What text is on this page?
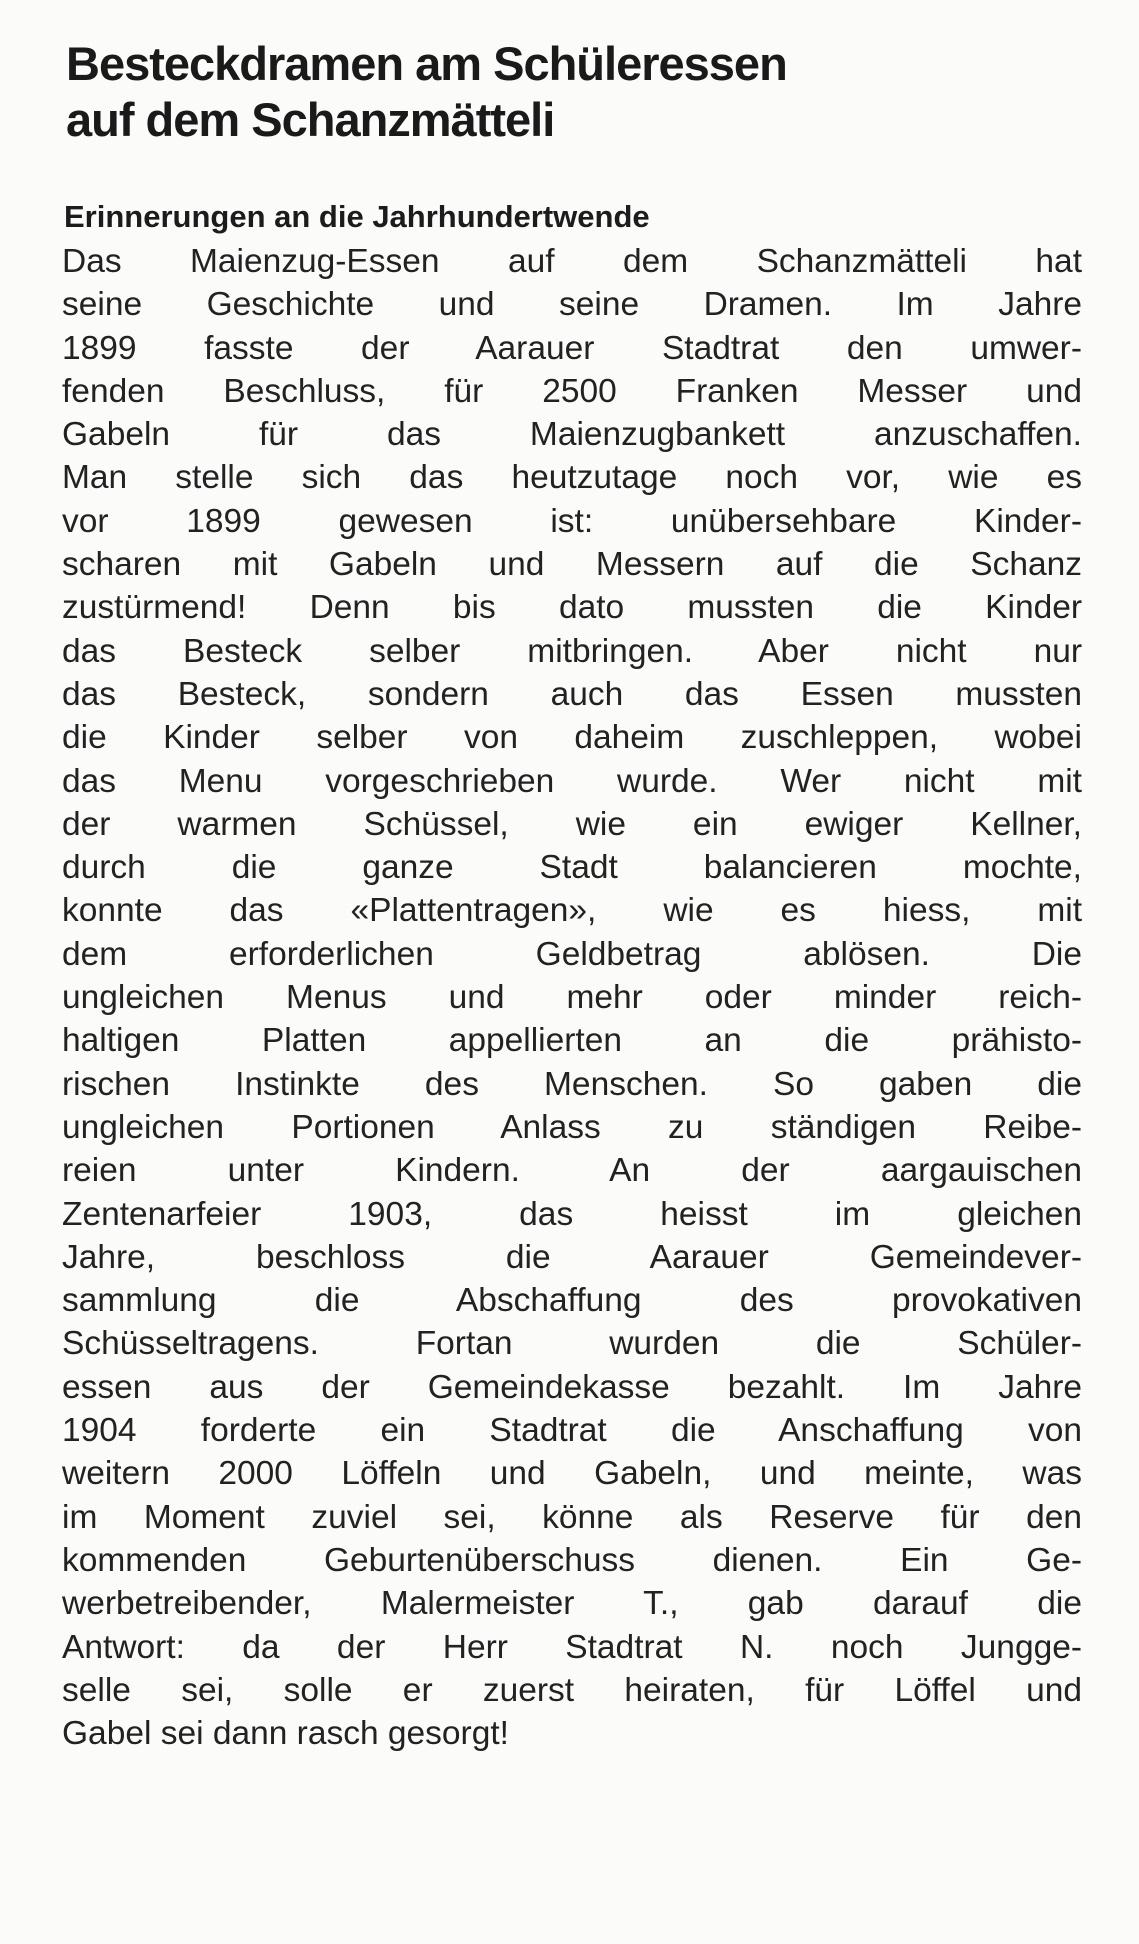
Besteckdramen am Schüleressen
auf dem Schanzmätteli
Erinnerungen an die Jahrhundertwende
Das Maienzug-Essen auf dem Schanzmätteli hat
seine Geschichte und seine Dramen. Im Jahre
1899 fasste der Aarauer Stadtrat den umwer-
fenden Beschluss, für 2500 Franken Messer und
Gabeln für das Maienzugbankett anzuschaffen.
Man stelle sich das heutzutage noch vor, wie es
vor 1899 gewesen ist: unübersehbare Kinder-
scharen mit Gabeln und Messern auf die Schanz
zustürmend! Denn bis dato mussten die Kinder
das Besteck selber mitbringen. Aber nicht nur
das Besteck, sondern auch das Essen mussten
die Kinder selber von daheim zuschleppen, wobei
das Menu vorgeschrieben wurde. Wer nicht mit
der warmen Schüssel, wie ein ewiger Kellner,
durch die ganze Stadt balancieren mochte,
konnte das «Plattentragen», wie es hiess, mit
dem erforderlichen Geldbetrag ablösen. Die
ungleichen Menus und mehr oder minder reich-
haltigen Platten appellierten an die prähisto-
rischen Instinkte des Menschen. So gaben die
ungleichen Portionen Anlass zu ständigen Reibe-
reien unter Kindern. An der aargauischen
Zentenarfeier 1903, das heisst im gleichen
Jahre, beschloss die Aarauer Gemeindever-
sammlung die Abschaffung des provokativen
Schüsseltragens. Fortan wurden die Schüler-
essen aus der Gemeindekasse bezahlt. Im Jahre
1904 forderte ein Stadtrat die Anschaffung von
weitern 2000 Löffeln und Gabeln, und meinte, was
im Moment zuviel sei, könne als Reserve für den
kommenden Geburtenüberschuss dienen. Ein Ge-
werbetreibender, Malermeister T., gab darauf die
Antwort: da der Herr Stadtrat N. noch Jungge-
selle sei, solle er zuerst heiraten, für Löffel und
Gabel sei dann rasch gesorgt!
